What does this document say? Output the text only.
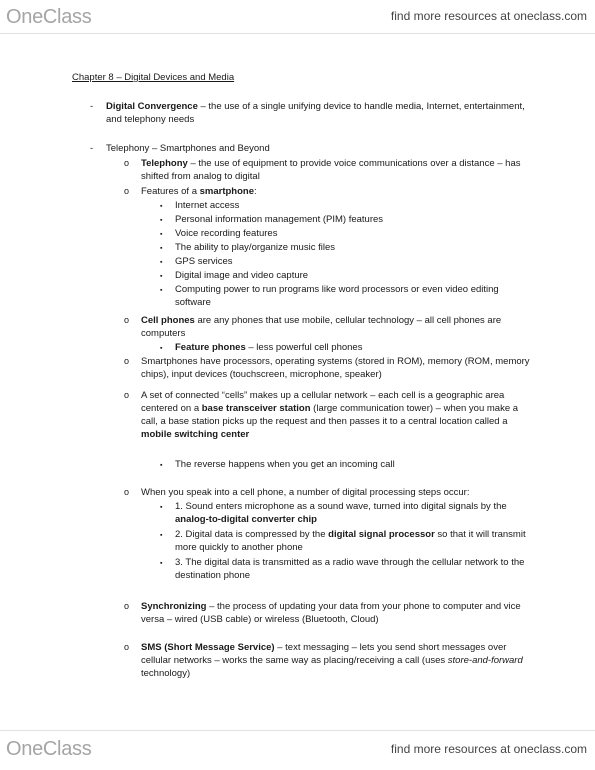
OneClass	find more resources at oneclass.com
Chapter 8 – Digital Devices and Media
- Digital Convergence – the use of a single unifying device to handle media, Internet, entertainment, and telephony needs
- Telephony – Smartphones and Beyond
o Telephony – the use of equipment to provide voice communications over a distance – has shifted from analog to digital
o Features of a smartphone:
▪ Internet access
▪ Personal information management (PIM) features
▪ Voice recording features
▪ The ability to play/organize music files
▪ GPS services
▪ Digital image and video capture
▪ Computing power to run programs like word processors or even video editing software
o Cell phones are any phones that use mobile, cellular technology – all cell phones are computers
▪ Feature phones – less powerful cell phones
o Smartphones have processors, operating systems (stored in ROM), memory (ROM, memory chips), input devices (touchscreen, microphone, speaker)
o A set of connected “cells” makes up a cellular network – each cell is a geographic area centered on a base transceiver station (large communication tower) – when you make a call, a base station picks up the request and then passes it to a central location called a mobile switching center
▪ The reverse happens when you get an incoming call
o When you speak into a cell phone, a number of digital processing steps occur:
▪ 1. Sound enters microphone as a sound wave, turned into digital signals by the analog-to-digital converter chip
▪ 2. Digital data is compressed by the digital signal processor so that it will transmit more quickly to another phone
▪ 3. The digital data is transmitted as a radio wave through the cellular network to the destination phone
o Synchronizing – the process of updating your data from your phone to computer and vice versa – wired (USB cable) or wireless (Bluetooth, Cloud)
o SMS (Short Message Service) – text messaging – lets you send short messages over cellular networks – works the same way as placing/receiving a call (uses store-and-forward technology)
OneClass	find more resources at oneclass.com
